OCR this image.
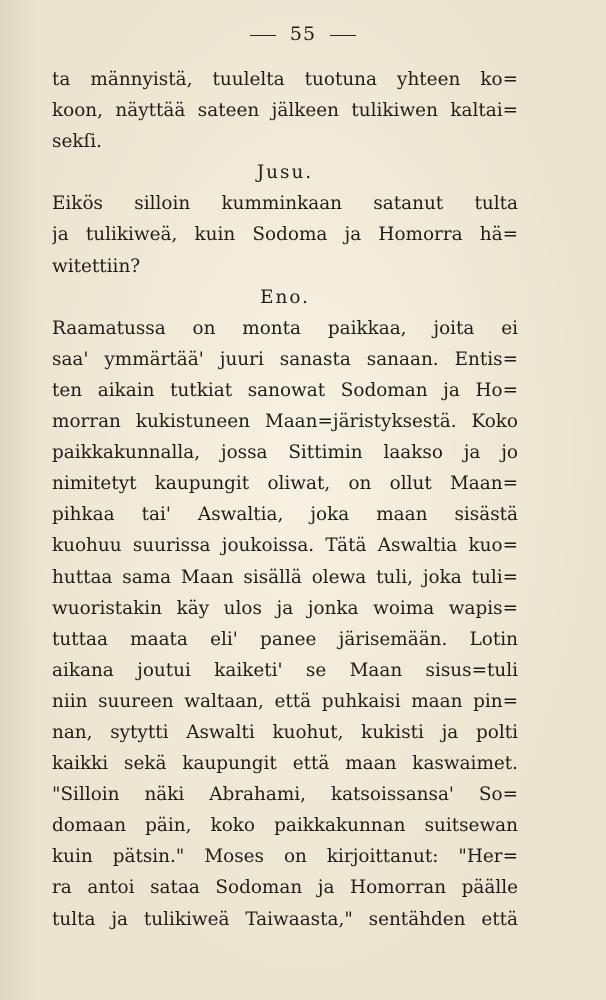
55
ta männyistä, tuulelta tuotuna yhteen ko=
koon, näyttää sateen jälkeen tulikiwen kaltai=
sekſi.
Jusu.
Eikös silloin kumminkaan satanut tulta
ja tulikiweä, kuin Sodoma ja Homorra hä=
witettiin?
Eno.
Raamatussa on monta paikkaa, joita ei
saa' ymmärtää' juuri sanasta sanaan. Entis=
ten aikain tutkiat sanowat Sodoman ja Ho=
morran kukistuneen Maan=järistyksestä. Koko
paikkakunnalla, jossa Sittimin laakso ja jo
nimitetyt kaupungit oliwat, on ollut Maan=
pihkaa tai' Aswaltia, joka maan sisästä
kuohuu suurissa joukoissa. Tätä Aswaltia kuo=
huttaa sama Maan sisällä olewa tuli, joka tuli=
wuoristakin käy ulos ja jonka woima wapis=
tuttaa maata eli' panee järisemään. Lotin
aikana joutui kaiketi' se Maan sisus=tuli
niin suureen waltaan, että puhkaisi maan pin=
nan, sytytti Aswalti kuohut, kukisti ja polti
kaikki sekä kaupungit että maan kaswaimet.
"Silloin näki Abrahami, katsoissansa' So=
domaan päin, koko paikkakunnan suitsewan
kuin pätsin." Moses on kirjoittanut: "Her=
ra antoi sataa Sodoman ja Homorran päälle
tulta ja tulikiweä Taiwaasta," sentähden että
